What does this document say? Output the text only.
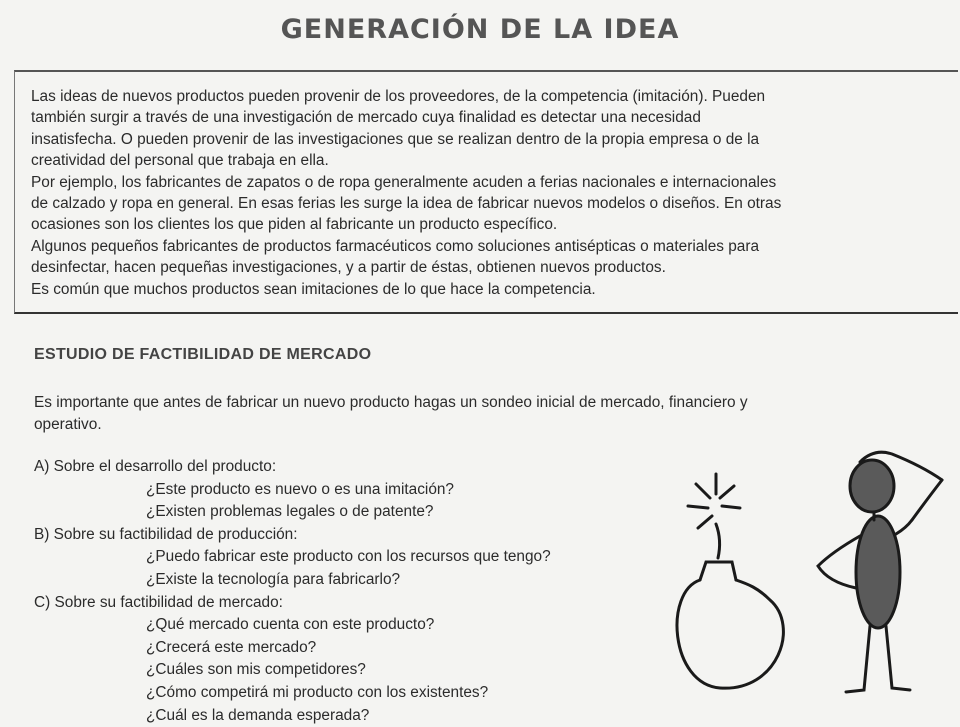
GENERACIÓN DE LA IDEA

Las ideas de nuevos productos pueden provenir de los proveedores, de la competencia (imitación). Pueden
también surgir a través de una investigación de mercado cuya finalidad es detectar una necesidad
insatisfecha. O pueden provenir de las investigaciones que se realizan dentro de la propia empresa o de la
creatividad del personal que trabaja en ella.
Por ejemplo, los fabricantes de zapatos o de ropa generalmente acuden a ferias nacionales e internacionales
de calzado y ropa en general. En esas ferias les surge la idea de fabricar nuevos modelos o diseños. En otras
ocasiones son los clientes los que piden al fabricante un producto específico.
Algunos pequeños fabricantes de productos farmacéuticos como soluciones antisépticas o materiales para
desinfectar, hacen pequeñas investigaciones, y a partir de éstas, obtienen nuevos productos.
Es común que muchos productos sean imitaciones de lo que hace la competencia.

ESTUDIO DE FACTIBILIDAD DE MERCADO
Es importante que antes de fabricar un nuevo producto hagas un sondeo inicial de mercado, financiero y
operativo.
A) Sobre el desarrollo del producto:
¿Este producto es nuevo o es una imitación?
¿Existen problemas legales o de patente?
B) Sobre su factibilidad de producción:
¿Puedo fabricar este producto con los recursos que tengo?
¿Existe la tecnología para fabricarlo?
C) Sobre su factibilidad de mercado:
¿Qué mercado cuenta con este producto?
¿Crecerá este mercado?
¿Cuáles son mis competidores?
¿Cómo competirá mi producto con los existentes?
¿Cuál es la demanda esperada?
